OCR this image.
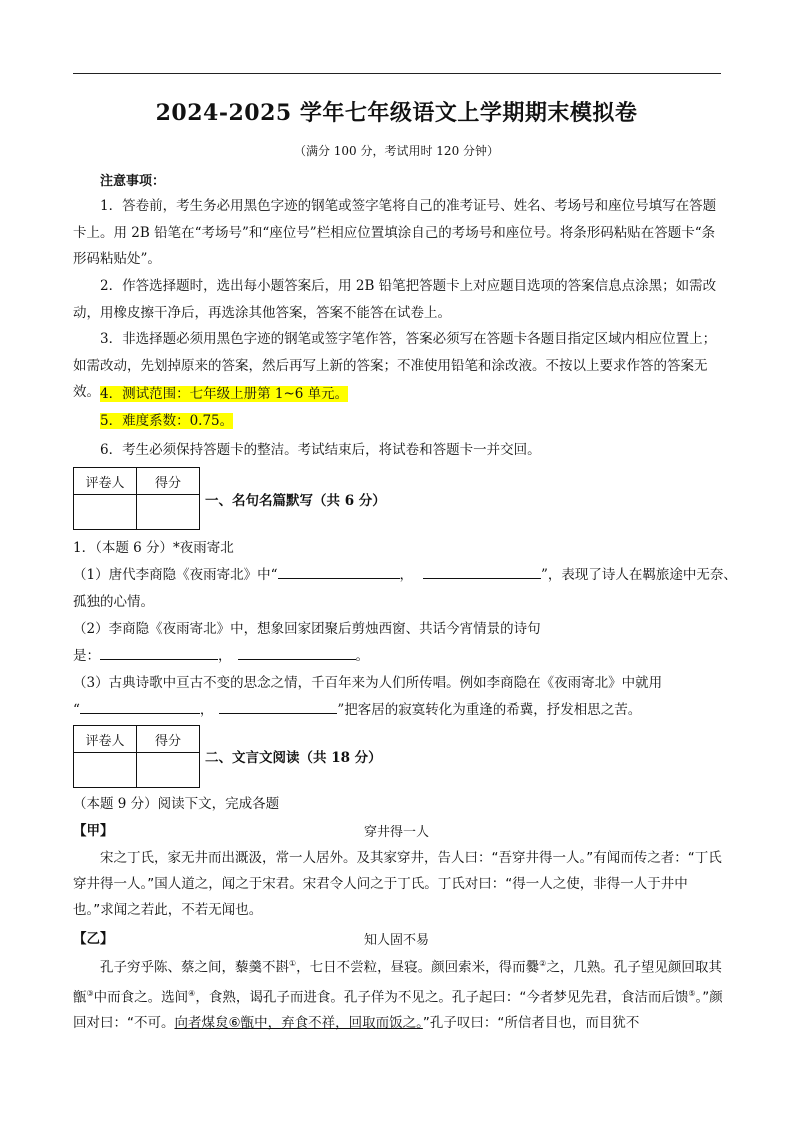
2024-2025 学年七年级语文上学期期末模拟卷
（满分 100 分，考试用时 120 分钟）
注意事项：
1．答卷前，考生务必用黑色字迹的钢笔或签字笔将自己的准考证号、姓名、考场号和座位号填写在答题卡上。用 2B 铅笔在“考场号”和“座位号”栏相应位置填涂自己的考场号和座位号。将条形码粘贴在答题卡“条形码粘贴处”。
2．作答选择题时，选出每小题答案后，用 2B 铅笔把答题卡上对应题目选项的答案信息点涂黑；如需改动，用橡皮擦干净后，再选涂其他答案，答案不能答在试卷上。
3．非选择题必须用黑色字迹的钢笔或签字笔作答，答案必须写在答题卡各题目指定区域内相应位置上；如需改动，先划掉原来的答案，然后再写上新的答案；不准使用铅笔和涂改液。不按以上要求作答的答案无效。 4．测试范围：七年级上册第 1~6 单元。
5．难度系数：0.75。
6．考生必须保持答题卡的整洁。考试结束后，将试卷和答题卡一并交回。
评卷人	得分

一、名句名篇默写（共 6 分）
1．（本题 6 分）*夜雨寄北
（1）唐代李商隐《夜雨寄北》中“	，	”，表现了诗人在羁旅途中无奈、
孤独的心情。
（2）李商隐《夜雨寄北》中，想象回家团聚后剪烛西窗、共话今宵情景的诗句
是：	，	。
（3）古典诗歌中亘古不变的思念之情，千百年来为人们所传唱。例如李商隐在《夜雨寄北》中就用
“	，	”把客居的寂寞转化为重逢的希冀，抒发相思之苦。
评卷人	得分

二、文言文阅读（共 18 分）
（本题 9 分）阅读下文，完成各题
【甲】	穿井得一人
宋之丁氏，家无井而出溉汲，常一人居外。及其家穿井，告人曰：“吾穿井得一人。”有闻而传之者：“丁氏穿井得一人。”国人道之，闻之于宋君。宋君令人问之于丁氏。丁氏对曰：“得一人之使，非得一人于井中也。”求闻之若此，不若无闻也。
【乙】	知人固不易
孔子穷乎陈、蔡之间，藜羹不斟①，七日不尝粒，昼寝。颜回索米，得而爨②之，几熟。孔子望见颜回取其甑③中而食之。选间④，食熟，谒孔子而进食。孔子佯为不见之。孔子起曰：“今者梦见先君，食洁而后馈⑤。”颜回对曰：“不可。向者煤炱⑥甑中，弃食不祥，回取而饭之。”孔子叹曰：“所信者目也，而目犹不
